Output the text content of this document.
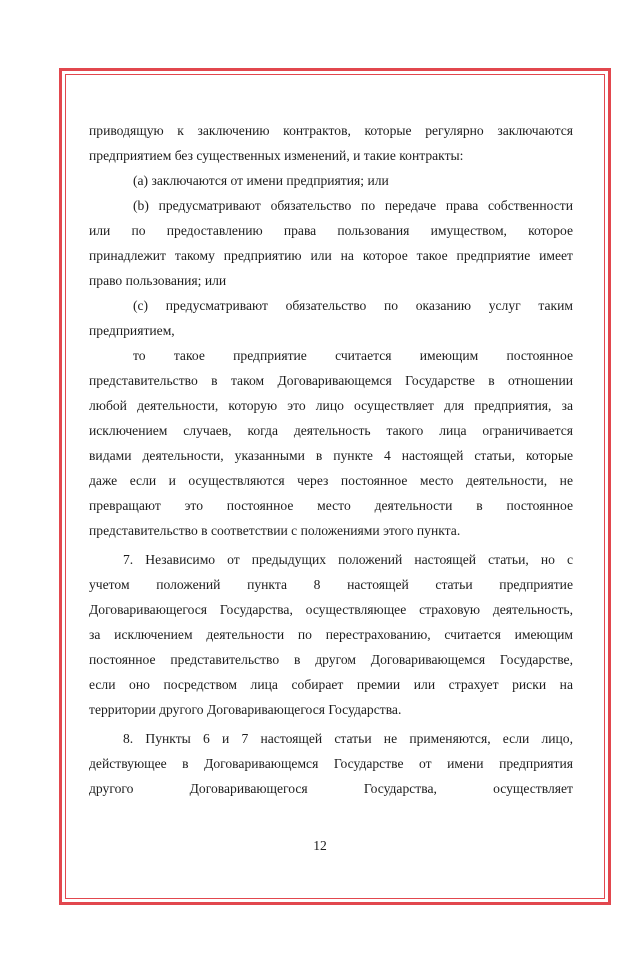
приводящую к заключению контрактов, которые регулярно заключаются
предприятием без существенных изменений, и такие контракты:
(a) заключаются от имени предприятия; или
(b) предусматривают обязательство по передаче права собственности
или по предоставлению права пользования имуществом, которое
принадлежит такому предприятию или на которое такое предприятие имеет
право пользования; или
(c) предусматривают обязательство по оказанию услуг таким
предприятием,
то такое предприятие считается имеющим постоянное
представительство в таком Договаривающемся Государстве в отношении
любой деятельности, которую это лицо осуществляет для предприятия, за
исключением случаев, когда деятельность такого лица ограничивается
видами деятельности, указанными в пункте 4 настоящей статьи, которые
даже если и осуществляются через постоянное место деятельности, не
превращают это постоянное место деятельности в постоянное
представительство в соответствии с положениями этого пункта.
7. Независимо от предыдущих положений настоящей статьи, но с
учетом положений пункта 8 настоящей статьи предприятие
Договаривающегося Государства, осуществляющее страховую деятельность,
за исключением деятельности по перестрахованию, считается имеющим
постоянное представительство в другом Договаривающемся Государстве,
если оно посредством лица собирает премии или страхует риски на
территории другого Договаривающегося Государства.
8. Пункты 6 и 7 настоящей статьи не применяются, если лицо,
действующее в Договаривающемся Государстве от имени предприятия
другого Договаривающегося Государства, осуществляет
12
